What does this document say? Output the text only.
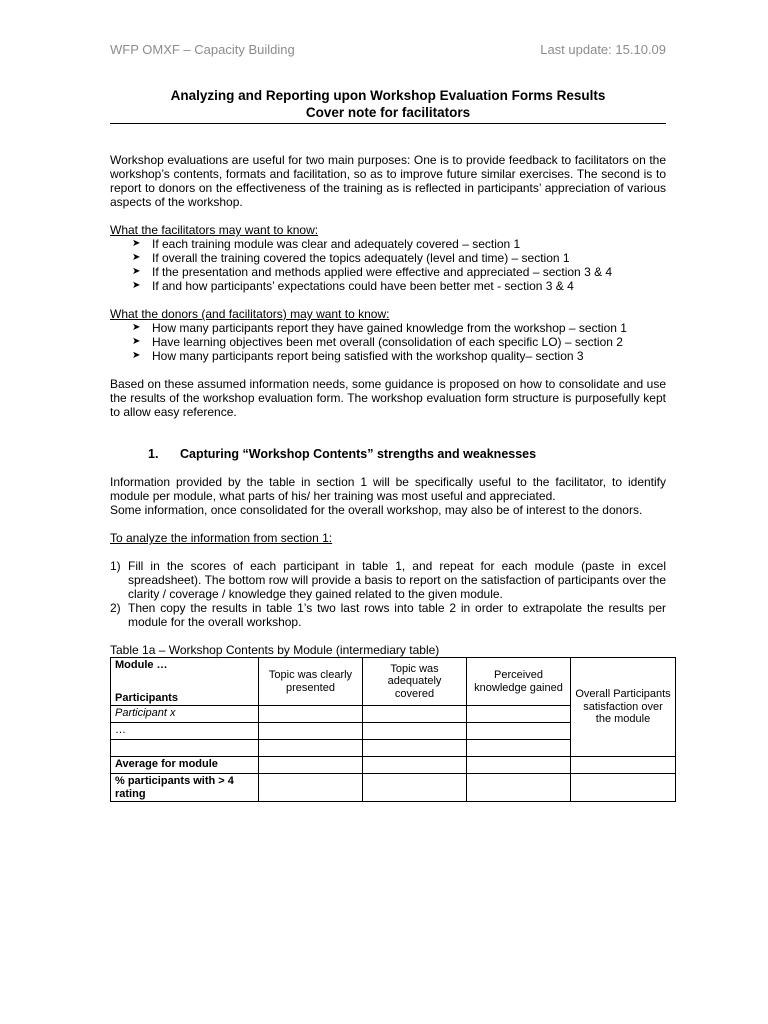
WFP OMXF – Capacity Building	Last update: 15.10.09
Analyzing and Reporting upon Workshop Evaluation Forms Results
Cover note for facilitators

Workshop evaluations are useful for two main purposes: One is to provide feedback to facilitators on the workshop’s contents, formats and facilitation, so as to improve future similar exercises. The second is to report to donors on the effectiveness of the training as is reflected in participants’ appreciation of various aspects of the workshop.

What the facilitators may want to know:
➤ If each training module was clear and adequately covered – section 1
➤ If overall the training covered the topics adequately (level and time) – section 1
➤ If the presentation and methods applied were effective and appreciated – section 3 & 4
➤ If and how participants’ expectations could have been better met - section 3 & 4
What the donors (and facilitators) may want to know:
➤ How many participants report they have gained knowledge from the workshop – section 1
➤ Have learning objectives been met overall (consolidation of each specific LO) – section 2
➤ How many participants report being satisfied with the workshop quality– section 3

Based on these assumed information needs, some guidance is proposed on how to consolidate and use the results of the workshop evaluation form. The workshop evaluation form structure is purposefully kept to allow easy reference.

1. Capturing “Workshop Contents” strengths and weaknesses

Information provided by the table in section 1 will be specifically useful to the facilitator, to identify module per module, what parts of his/ her training was most useful and appreciated.

Some information, once consolidated for the overall workshop, may also be of interest to the donors.

To analyze the information from section 1:
1) Fill in the scores of each participant in table 1, and repeat for each module (paste in excel spreadsheet). The bottom row will provide a basis to report on the satisfaction of participants over the clarity / coverage / knowledge they gained related to the given module.
2) Then copy the results in table 1’s two last rows into table 2 in order to extrapolate the results per module for the overall workshop.
Table 1a – Workshop Contents by Module (intermediary table)
Module …
Participants	Topic was clearly presented	Topic was adequately covered	Perceived knowledge gained	Overall Participants satisfaction over the module
Participant x				
…				

Average for module				
% participants with > 4 rating				
